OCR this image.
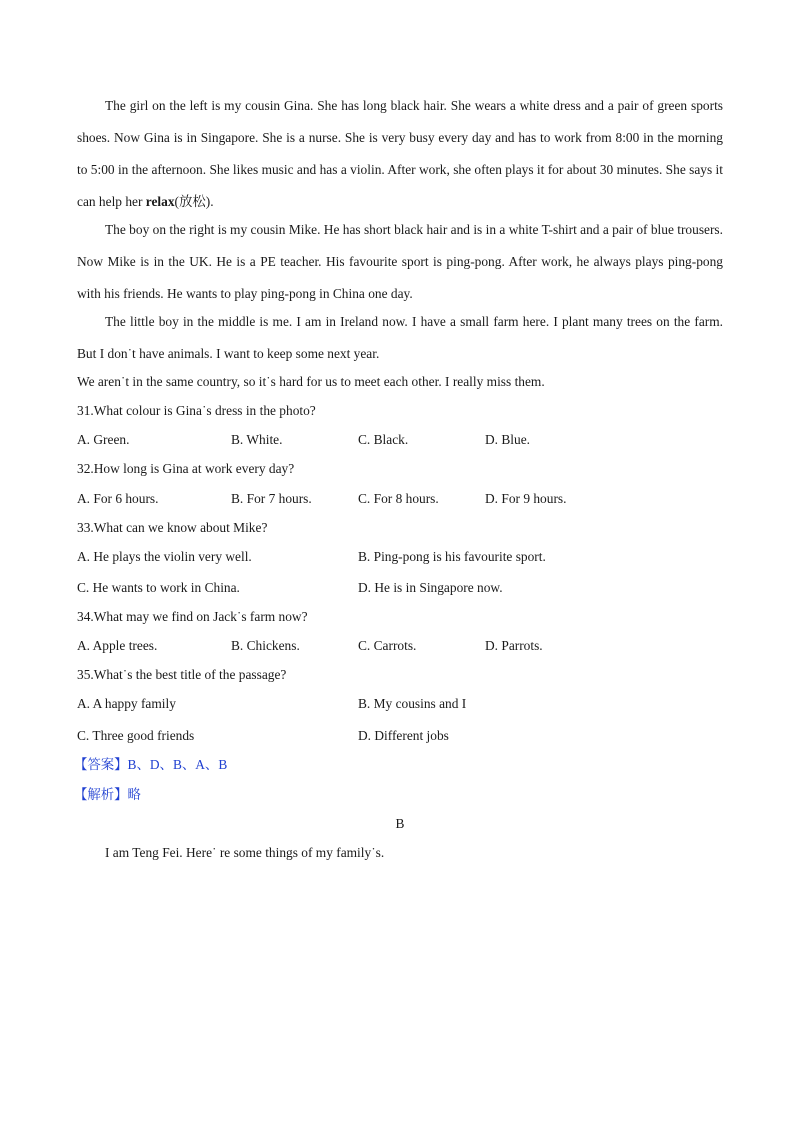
The girl on the left is my cousin Gina. She has long black hair. She wears a white dress and a pair of green sports shoes. Now Gina is in Singapore. She is a nurse. She is very busy every day and has to work from 8:00 in the morning to 5:00 in the afternoon. She likes music and has a violin. After work, she often plays it for about 30 minutes. She says it can help her relax(放松).

The boy on the right is my cousin Mike. He has short black hair and is in a white T-shirt and a pair of blue trousers. Now Mike is in the UK. He is a PE teacher. His favourite sport is ping-pong. After work, he always plays ping-pong with his friends. He wants to play ping-pong in China one day.

The little boy in the middle is me. I am in Ireland now. I have a small farm here. I plant many trees on the farm. But I don˙t have animals. I want to keep some next year.

We aren˙t in the same country, so it˙s hard for us to meet each other. I really miss them.
31.What colour is Gina˙s dress in the photo?
A. Green.	B. White.	C. Black.	D. Blue.
32.How long is Gina at work every day?
A. For 6 hours.	B. For 7 hours.	C. For 8 hours.	D. For 9 hours.
33.What can we know about Mike?
A. He plays the violin very well.	B. Ping-pong is his favourite sport.
C. He wants to work in China.	D. He is in Singapore now.
34.What may we find on Jack˙s farm now?
A. Apple trees.	B. Chickens.	C. Carrots.	D. Parrots.
35.What˙s the best title of the passage?
A. A happy family	B. My cousins and I
C. Three good friends	D. Different jobs
【答案】B、D、B、A、B
【解析】略
B
I am Teng Fei. Here˙ re some things of my family˙s.
